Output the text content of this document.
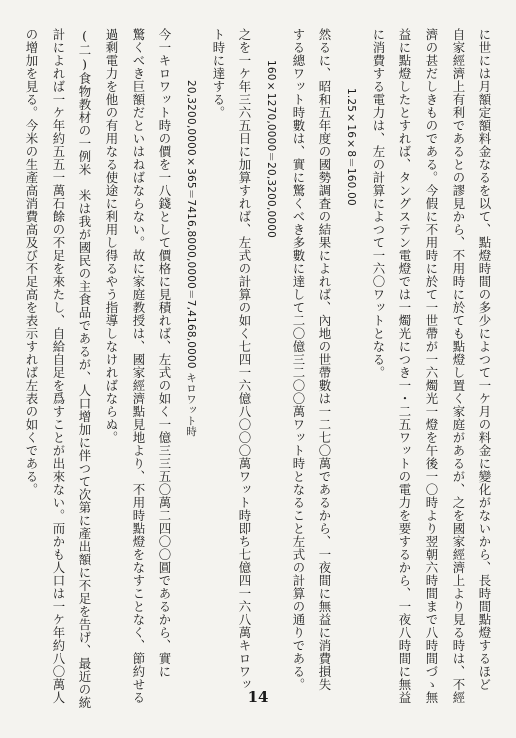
に世には月額定額料金なるを以て、點燈時間の多少によつて一ケ月の料金に變化がないから、長時間點燈するほど
自家經濟上有利であるとの謬見から、不用時に於ても點燈し置く家庭があるが、之を國家經濟上より見る時は、不經
濟の甚だしきものである。今假に不用時に於て一世帶が一六燭光一燈を午後一〇時より翌朝六時間まで八時間づゝ無
益に點燈したとすれば、タングステン電燈では一燭光につき一・二五ワットの電力を要するから、一夜八時間に無益
に消費する電力は、左の計算によつて一六〇ワットとなる。
1.25×16×8＝160.00
然るに、昭和五年度の國勢調査の結果によれば、內地の世帶數は一二七〇萬であるから、一夜間に無益に消費損失
する總ワット時數は、實に驚くべき多數に達して二〇億三二〇〇萬ワット時となること左式の計算の通りである。
160×1270,0000＝20,3200,0000
之を一ケ年三六五日に加算すれば、左式の計算の如く七四一六億八〇〇〇萬ワット時即ち七億四一六八萬キロワッ
ト時に達する。
20,3200,0000×365＝7416,8000,0000＝7,4168,0000 キロワット時
今一キロワット時の價を一八錢として價格に見積れば、左式の如く一億三三五〇萬二四〇〇圓であるから、實に
驚くべき巨額だといはねばならない。故に家庭教授は、國家經濟點見地より、不用時點燈をなすことなく、節約せる
過剩電力を他の有用なる使途に利用し得るやう指導しなければならぬ。
(二)食物教材の一例米　米は我が國民の主食品であるが、人口增加に伴つて次第に產出額に不足を告げ、最近の統
計によれば一ケ年約五五一萬石餘の不足を來たし、自給自足を爲すことが出來ない。而かも人口は一ケ年約八〇萬人
の增加を見る。今米の生產高消費高及び不足高を表示すれば左表の如くである。
14
